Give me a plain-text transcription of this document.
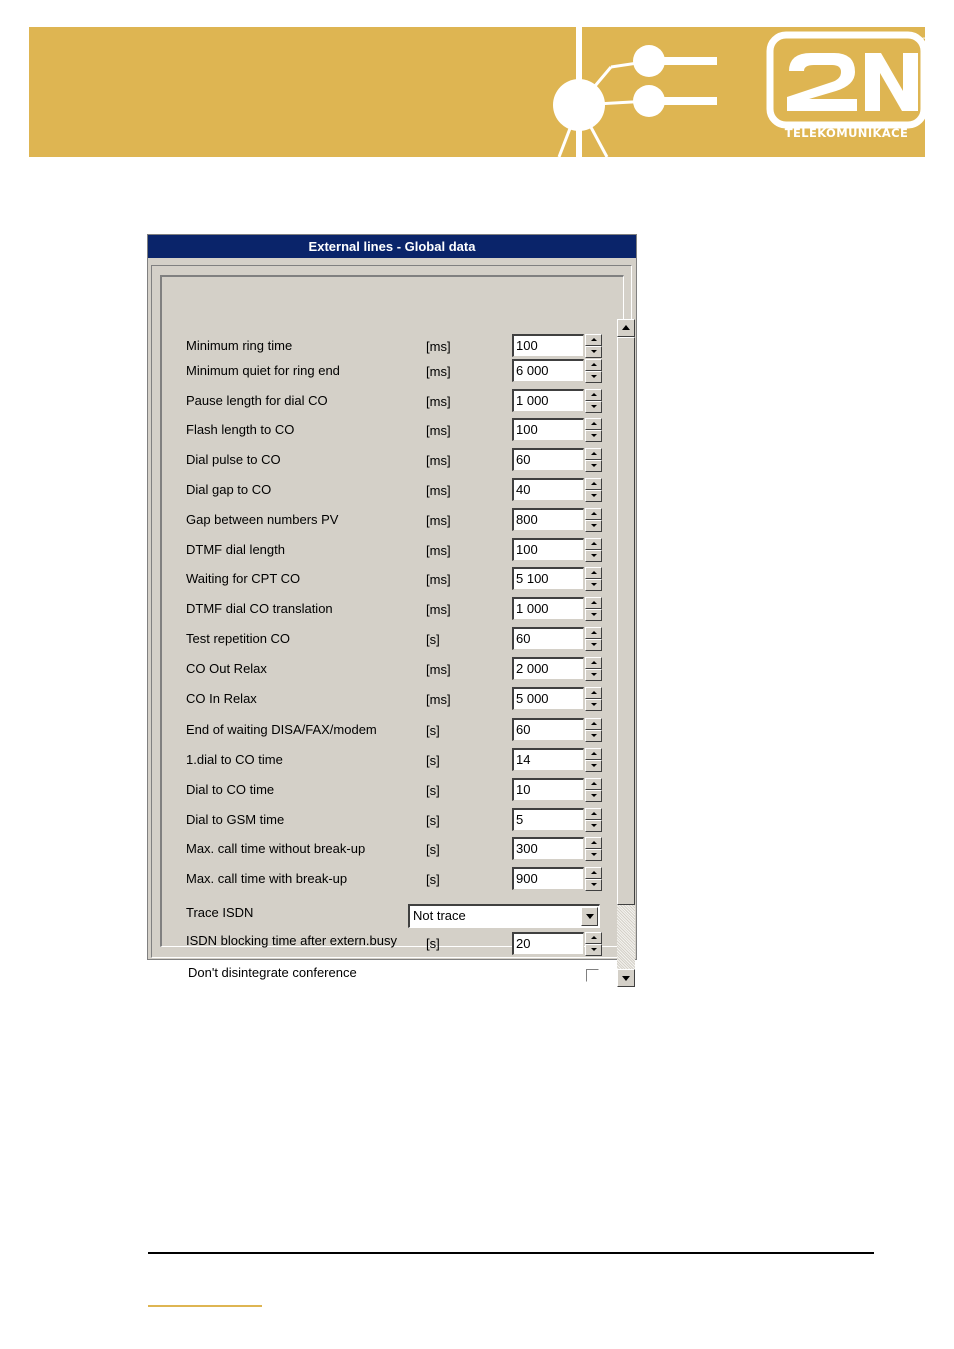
TELEKOMUNIKACE
External lines - Global data
Minimum ring time	[ms]	100
Minimum quiet for ring end	[ms]	6 000
Pause length for dial CO	[ms]	1 000
Flash length to CO	[ms]	100
Dial pulse to CO	[ms]	60
Dial gap to CO	[ms]	40
Gap between numbers PV	[ms]	800
DTMF dial length	[ms]	100
Waiting for CPT CO	[ms]	5 100
DTMF dial CO translation	[ms]	1 000
Test repetition CO	[s]	60
CO Out Relax	[ms]	2 000
CO In Relax	[ms]	5 000
End of waiting DISA/FAX/modem	[s]	60
1.dial to CO time	[s]	14
Dial to CO time	[s]	10
Dial to GSM time	[s]	5
Max. call time without break-up	[s]	300
Max. call time with break-up	[s]	900
Trace ISDN	Not trace
ISDN blocking time after extern.busy [s]	20
Don't disintegrate conference
